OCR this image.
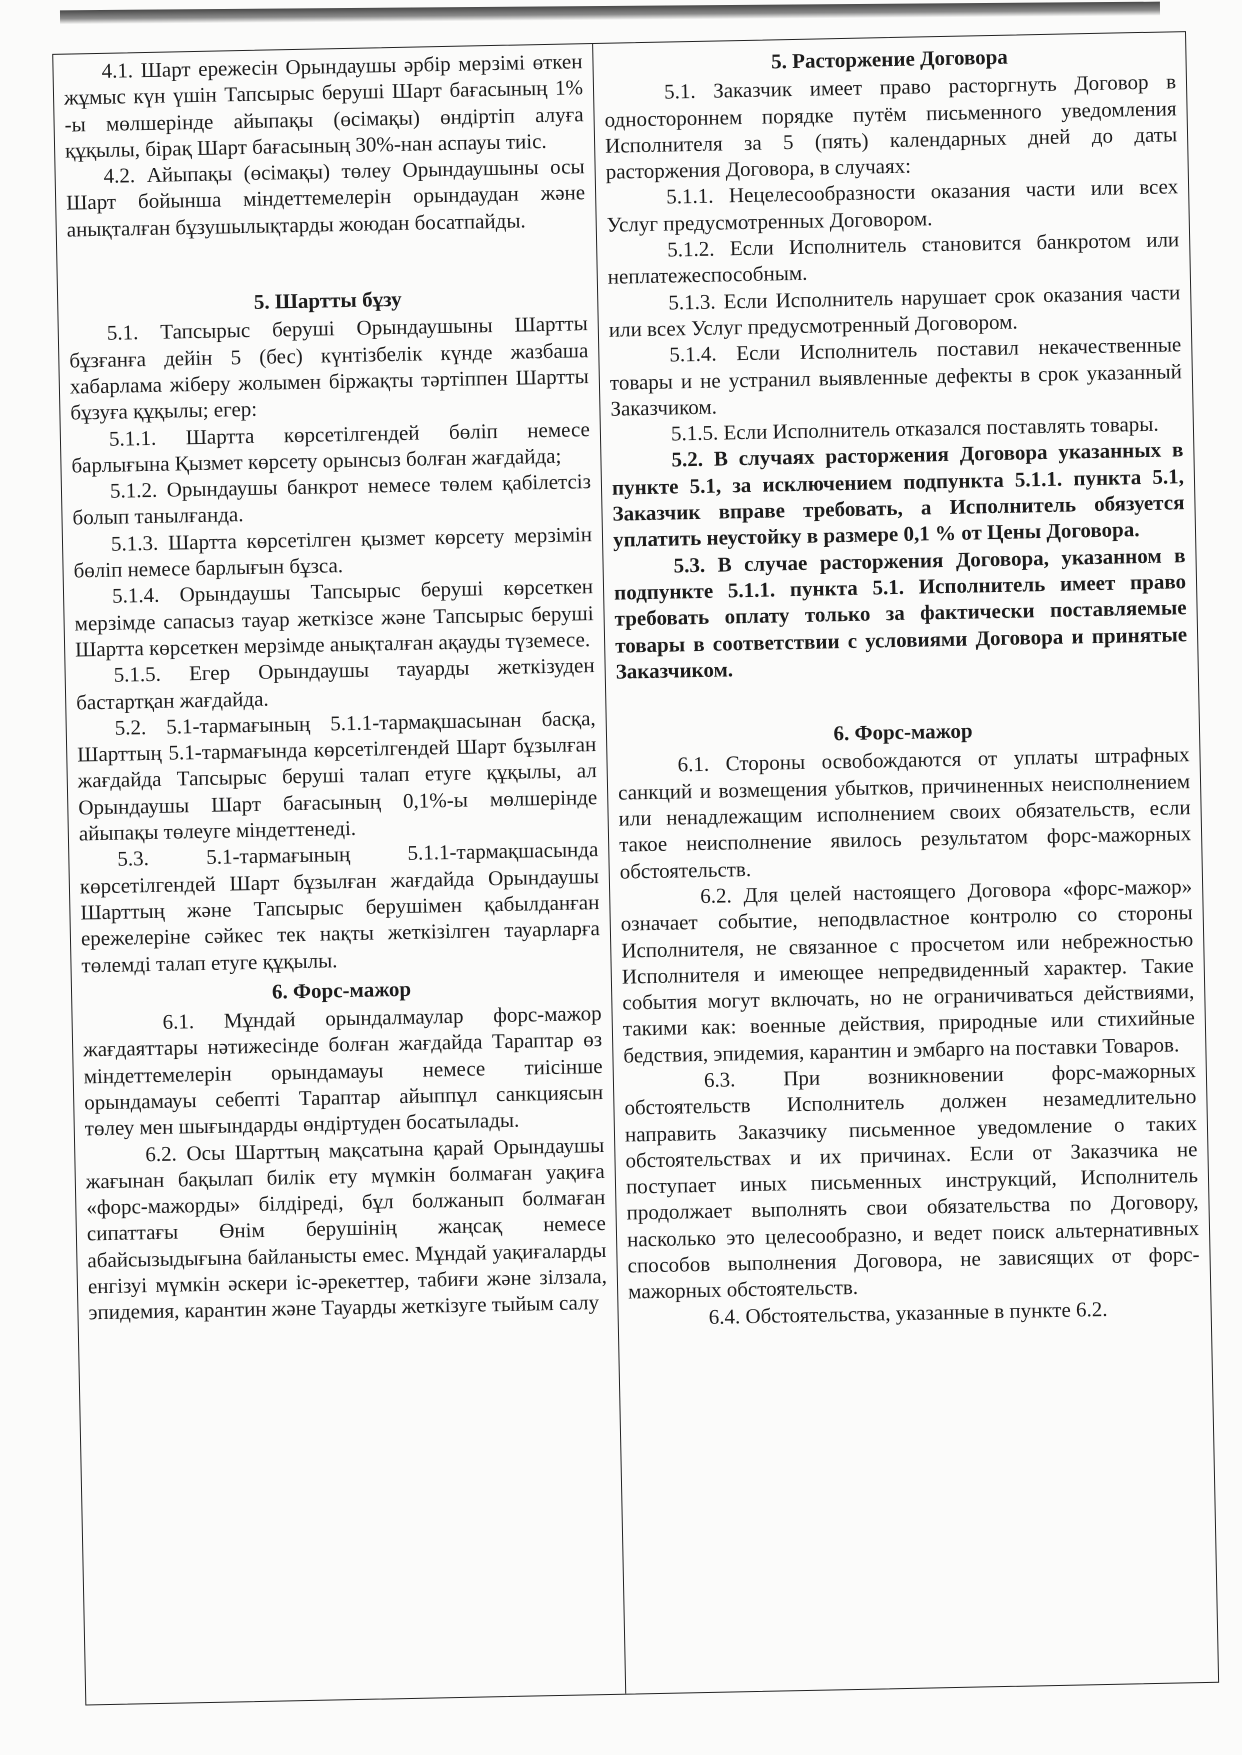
4.1. Шарт ережесін Орындаушы әрбір мерзімі өткен жұмыс күн үшін Тапсырыс беруші Шарт бағасының 1% -ы мөлшерінде айыпақы (өсімақы) өндіртіп алуға құқылы, бірақ Шарт бағасының 30%-нан аспауы тиіс.

4.2. Айыпақы (өсімақы) төлеу Орындаушыны осы Шарт бойынша міндеттемелерін орындаудан және анықталған бұзушылықтарды жоюдан босатпайды.

5. Шартты бұзу

5.1. Тапсырыс беруші Орындаушыны Шартты бұзғанға дейін 5 (бес) күнтізбелік күнде жазбаша хабарлама жіберу жолымен біржақты тәртіппен Шартты бұзуға құқылы; егер:

5.1.1. Шартта көрсетілгендей бөліп немесе барлығына Қызмет көрсету орынсыз болған жағдайда;

5.1.2. Орындаушы банкрот немесе төлем қабілетсіз болып танылғанда.

5.1.3. Шартта көрсетілген қызмет көрсету мерзімін бөліп немесе барлығын бұзса.

5.1.4. Орындаушы Тапсырыс беруші көрсеткен мерзімде сапасыз тауар жеткізсе және Тапсырыс беруші Шартта көрсеткен мерзімде анықталған ақауды түземесе.

5.1.5. Егер Орындаушы тауарды жеткізуден бастартқан жағдайда.

5.2. 5.1-тармағының 5.1.1-тармақшасынан басқа, Шарттың 5.1-тармағында көрсетілгендей Шарт бұзылған жағдайда Тапсырыс беруші талап етуге құқылы, ал Орындаушы Шарт бағасының 0,1%-ы мөлшерінде айыпақы төлеуге міндеттенеді.

5.3. 5.1-тармағының 5.1.1-тармақшасында көрсетілгендей Шарт бұзылған жағдайда Орындаушы Шарттың және Тапсырыс берушімен қабылданған ережелеріне сәйкес тек нақты жеткізілген тауарларға төлемді талап етуге құқылы.

6. Форс-мажор

6.1. Мұндай орындалмаулар форс-мажор жағдаяттары нәтижесінде болған жағдайда Тараптар өз міндеттемелерін орындамауы немесе тиісінше орындамауы себепті Тараптар айыппұл санкциясын төлеу мен шығындарды өндіртуден босатылады.

6.2. Осы Шарттың мақсатына қарай Орындаушы жағынан бақылап билік ету мүмкін болмаған уақиға «форс-мажорды» білдіреді, бұл болжанып болмаған сипаттағы Өнім берушінің жаңсақ немесе абайсызыдығына байланысты емес. Мұндай уақиғаларды енгізуі мүмкін әскери іс-әрекеттер, табиғи және зілзала, эпидемия, карантин және Тауарды жеткізуге тыйым салу

5. Расторжение Договора

5.1. Заказчик имеет право расторгнуть Договор в одностороннем порядке путём письменного уведомления Исполнителя за 5 (пять) календарных дней до даты расторжения Договора, в случаях:

5.1.1. Нецелесообразности оказания части или всех Услуг предусмотренных Договором.

5.1.2. Если Исполнитель становится банкротом или неплатежеспособным.

5.1.3. Если Исполнитель нарушает срок оказания части или всех Услуг предусмотренный Договором.

5.1.4. Если Исполнитель поставил некачественные товары и не устранил выявленные дефекты в срок указанный Заказчиком.

5.1.5. Если Исполнитель отказался поставлять товары.

5.2. В случаях расторжения Договора указанных в пункте 5.1, за исключением подпункта 5.1.1. пункта 5.1, Заказчик вправе требовать, а Исполнитель обязуется уплатить неустойку в размере 0,1 % от Цены Договора.

5.3. В случае расторжения Договора, указанном в подпункте 5.1.1. пункта 5.1. Исполнитель имеет право требовать оплату только за фактически поставляемые товары в соответствии с условиями Договора и принятые Заказчиком.

6. Форс-мажор

6.1. Стороны освобождаются от уплаты штрафных санкций и возмещения убытков, причиненных неисполнением или ненадлежащим исполнением своих обязательств, если такое неисполнение явилось результатом форс-мажорных обстоятельств.

6.2. Для целей настоящего Договора «форс-мажор» означает событие, неподвластное контролю со стороны Исполнителя, не связанное с просчетом или небрежностью Исполнителя и имеющее непредвиденный характер. Такие события могут включать, но не ограничиваться действиями, такими как: военные действия, природные или стихийные бедствия, эпидемия, карантин и эмбарго на поставки Товаров.

6.3. При возникновении форс-мажорных обстоятельств Исполнитель должен незамедлительно направить Заказчику письменное уведомление о таких обстоятельствах и их причинах. Если от Заказчика не поступает иных письменных инструкций, Исполнитель продолжает выполнять свои обязательства по Договору, насколько это целесообразно, и ведет поиск альтернативных способов выполнения Договора, не зависящих от форс-мажорных обстоятельств.

6.4. Обстоятельства, указанные в пункте 6.2.
